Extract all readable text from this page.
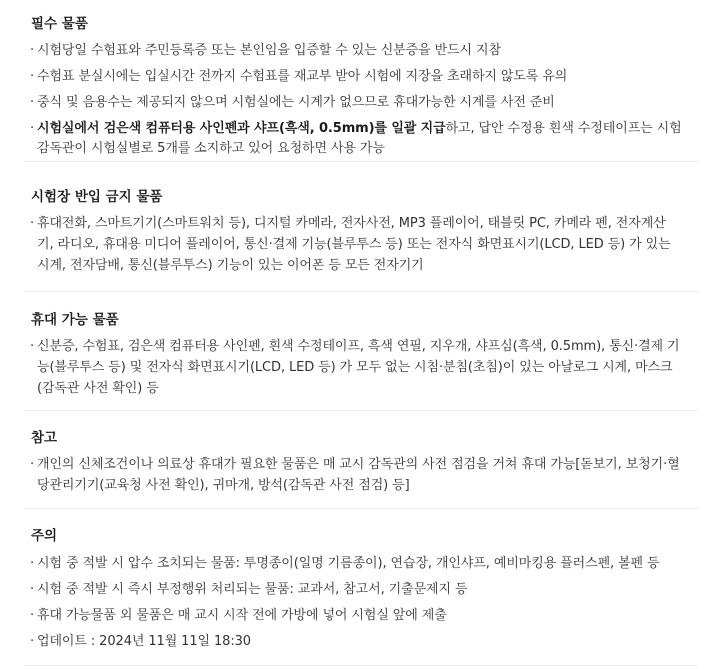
필수 물품
· 시험당일 수험표와 주민등록증 또는 본인임을 입증할 수 있는 신분증을 반드시 지참
· 수험표 분실시에는 입실시간 전까지 수험표를 재교부 받아 시험에 지장을 초래하지 않도록 유의
· 중식 및 음용수는 제공되지 않으며 시험실에는 시계가 없으므로 휴대가능한 시계를 사전 준비
· 시험실에서 검은색 컴퓨터용 사인펜과 샤프(흑색, 0.5mm)를 일괄 지급하고, 답안 수정용 흰색 수정테이프는 시험
감독관이 시험실별로 5개를 소지하고 있어 요청하면 사용 가능
시험장 반입 금지 물품
· 휴대전화, 스마트기기(스마트워치 등), 디지털 카메라, 전자사전, MP3 플레이어, 태블릿 PC, 카메라 펜, 전자계산
기, 라디오, 휴대용 미디어 플레이어, 통신·결제 기능(블루투스 등) 또는 전자식 화면표시기(LCD, LED 등) 가 있는
시계, 전자담배, 통신(블루투스) 기능이 있는 이어폰 등 모든 전자기기
휴대 가능 물품
· 신분증, 수험표, 검은색 컴퓨터용 사인펜, 흰색 수정테이프, 흑색 연필, 지우개, 샤프심(흑색, 0.5mm), 통신·결제 기
능(블루투스 등) 및 전자식 화면표시기(LCD, LED 등) 가 모두 없는 시침·분침(초침)이 있는 아날로그 시계, 마스크
(감독관 사전 확인) 등
참고
· 개인의 신체조건이나 의료상 휴대가 필요한 물품은 매 교시 감독관의 사전 점검을 거쳐 휴대 가능[돋보기, 보청기·혈
당관리기기(교육청 사전 확인), 귀마개, 방석(감독관 사전 점검) 등]
주의
· 시험 중 적발 시 압수 조치되는 물품: 투명종이(일명 기름종이), 연습장, 개인샤프, 예비마킹용 플러스펜, 볼펜 등
· 시험 중 적발 시 즉시 부정행위 처리되는 물품: 교과서, 참고서, 기출문제지 등
· 휴대 가능물품 외 물품은 매 교시 시작 전에 가방에 넣어 시험실 앞에 제출
· 업데이트 : 2024년 11월 11일 18:30
